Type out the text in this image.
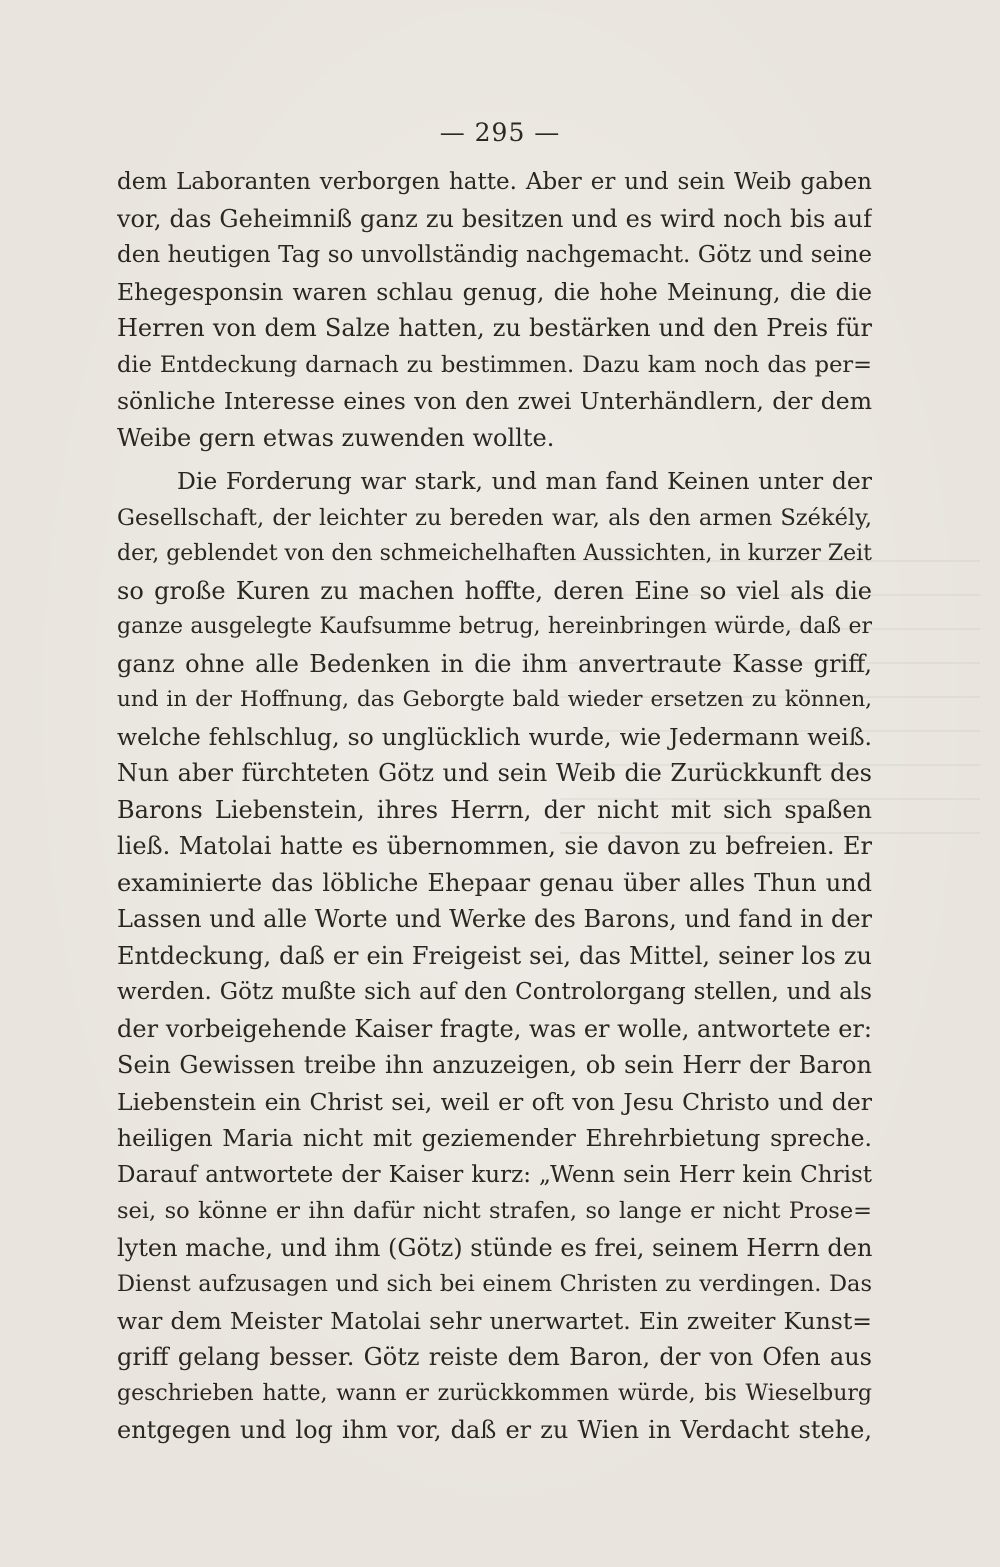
— 295 —
dem Laboranten verborgen hatte. Aber er und sein Weib gaben
vor, das Geheimniß ganz zu besitzen und es wird noch bis auf
den heutigen Tag so unvollständig nachgemacht. Götz und seine
Ehegesponsin waren schlau genug, die hohe Meinung, die die
Herren von dem Salze hatten, zu bestärken und den Preis für
die Entdeckung darnach zu bestimmen. Dazu kam noch das per=
sönliche Interesse eines von den zwei Unterhändlern, der dem
Weibe gern etwas zuwenden wollte.
Die Forderung war stark, und man fand Keinen unter der
Gesellschaft, der leichter zu bereden war, als den armen Székély,
der, geblendet von den schmeichelhaften Aussichten, in kurzer Zeit
so große Kuren zu machen hoffte, deren Eine so viel als die
ganze ausgelegte Kaufsumme betrug, hereinbringen würde, daß er
ganz ohne alle Bedenken in die ihm anvertraute Kasse griff,
und in der Hoffnung, das Geborgte bald wieder ersetzen zu können,
welche fehlschlug, so unglücklich wurde, wie Jedermann weiß.
Nun aber fürchteten Götz und sein Weib die Zurückkunft des
Barons Liebenstein, ihres Herrn, der nicht mit sich spaßen
ließ. Matolai hatte es übernommen, sie davon zu befreien. Er
examinierte das löbliche Ehepaar genau über alles Thun und
Lassen und alle Worte und Werke des Barons, und fand in der
Entdeckung, daß er ein Freigeist sei, das Mittel, seiner los zu
werden. Götz mußte sich auf den Controlorgang stellen, und als
der vorbeigehende Kaiser fragte, was er wolle, antwortete er:
Sein Gewissen treibe ihn anzuzeigen, ob sein Herr der Baron
Liebenstein ein Christ sei, weil er oft von Jesu Christo und der
heiligen Maria nicht mit geziemender Ehrehrbietung spreche.
Darauf antwortete der Kaiser kurz: „Wenn sein Herr kein Christ
sei, so könne er ihn dafür nicht strafen, so lange er nicht Prose=
lyten mache, und ihm (Götz) stünde es frei, seinem Herrn den
Dienst aufzusagen und sich bei einem Christen zu verdingen. Das
war dem Meister Matolai sehr unerwartet. Ein zweiter Kunst=
griff gelang besser. Götz reiste dem Baron, der von Ofen aus
geschrieben hatte, wann er zurückkommen würde, bis Wieselburg
entgegen und log ihm vor, daß er zu Wien in Verdacht stehe,
